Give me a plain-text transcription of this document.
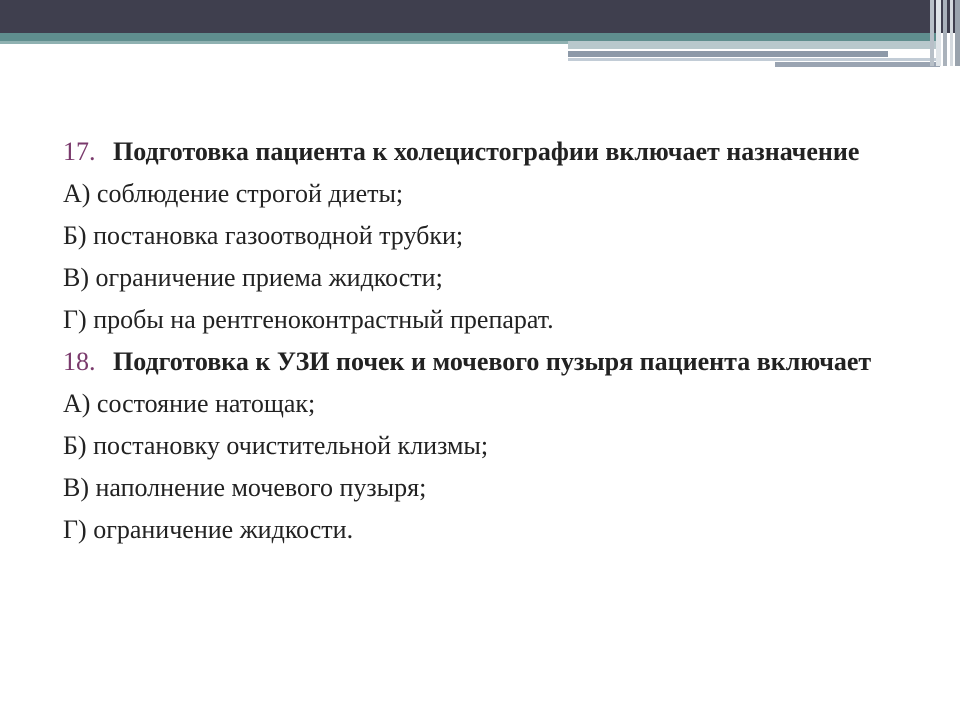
17. Подготовка пациента к холецистографии включает назначение
А) соблюдение строгой диеты;
Б) постановка газоотводной трубки;
В) ограничение приема жидкости;
Г) пробы на рентгеноконтрастный препарат.
18. Подготовка к УЗИ почек и мочевого пузыря пациента включает
А) состояние натощак;
Б) постановку очистительной клизмы;
В) наполнение мочевого пузыря;
Г) ограничение жидкости.
